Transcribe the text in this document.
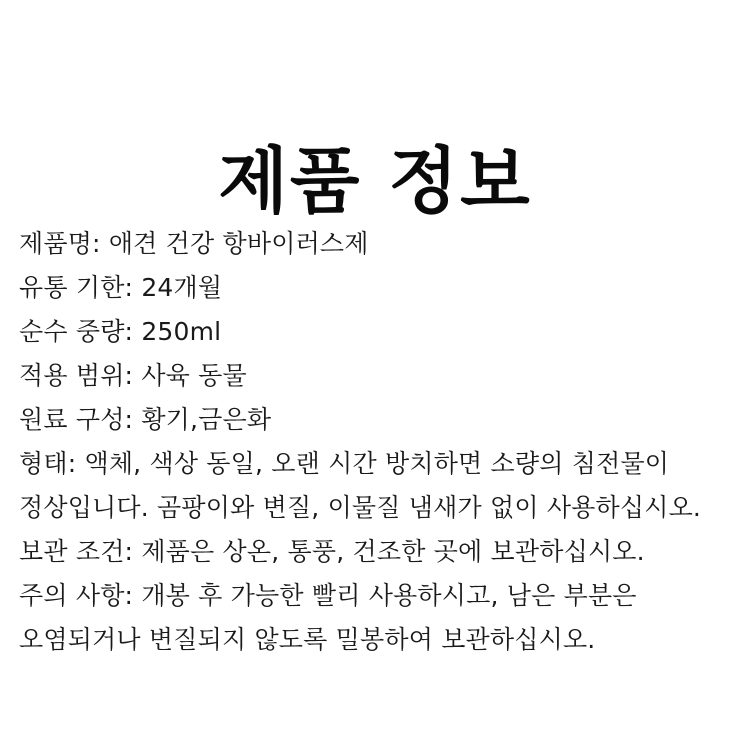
제품 정보
제품명: 애견 건강 항바이러스제
유통 기한: 24개월
순수 중량: 250ml
적용 범위: 사육 동물
원료 구성: 황기,금은화
형태: 액체, 색상 동일, 오랜 시간 방치하면 소량의 침전물이
정상입니다. 곰팡이와 변질, 이물질 냄새가 없이 사용하십시오.
보관 조건: 제품은 상온, 통풍, 건조한 곳에 보관하십시오.
주의 사항: 개봉 후 가능한 빨리 사용하시고, 남은 부분은
오염되거나 변질되지 않도록 밀봉하여 보관하십시오.
